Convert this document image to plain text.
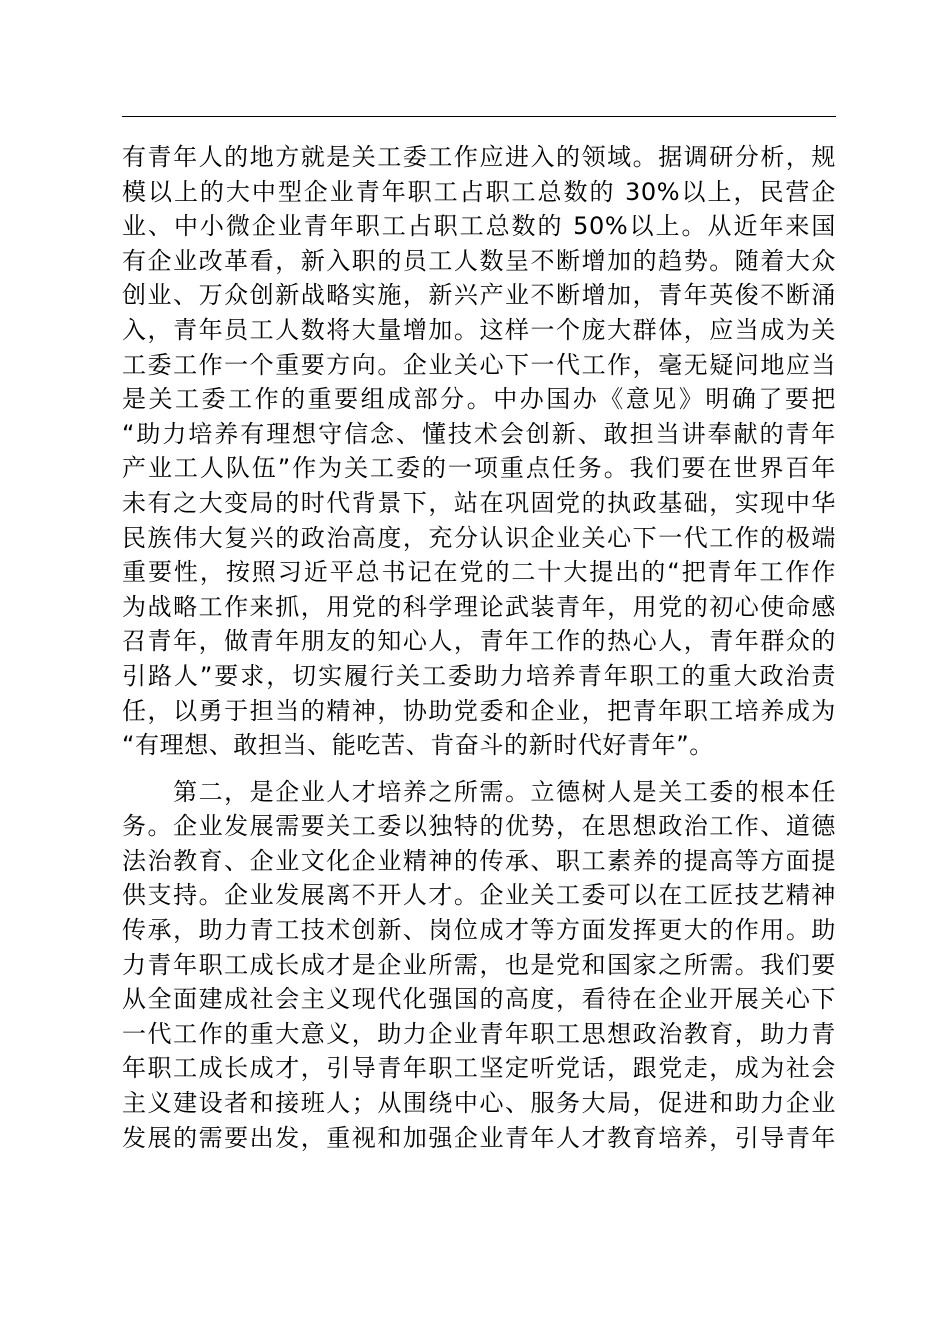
有青年人的地方就是关工委工作应进入的领域。据调研分析，规
模以上的大中型企业青年职工占职工总数的 30%以上，民营企
业、中小微企业青年职工占职工总数的 50%以上。从近年来国
有企业改革看，新入职的员工人数呈不断增加的趋势。随着大众
创业、万众创新战略实施，新兴产业不断增加，青年英俊不断涌
入，青年员工人数将大量增加。这样一个庞大群体，应当成为关
工委工作一个重要方向。企业关心下一代工作，毫无疑问地应当
是关工委工作的重要组成部分。中办国办《意见》明确了要把
“助力培养有理想守信念、懂技术会创新、敢担当讲奉献的青年
产业工人队伍”作为关工委的一项重点任务。我们要在世界百年
未有之大变局的时代背景下，站在巩固党的执政基础，实现中华
民族伟大复兴的政治高度，充分认识企业关心下一代工作的极端
重要性，按照习近平总书记在党的二十大提出的“把青年工作作
为战略工作来抓，用党的科学理论武装青年，用党的初心使命感
召青年，做青年朋友的知心人，青年工作的热心人，青年群众的
引路人”要求，切实履行关工委助力培养青年职工的重大政治责
任，以勇于担当的精神，协助党委和企业，把青年职工培养成为
“有理想、敢担当、能吃苦、肯奋斗的新时代好青年”。
　　第二，是企业人才培养之所需。立德树人是关工委的根本任
务。企业发展需要关工委以独特的优势，在思想政治工作、道德
法治教育、企业文化企业精神的传承、职工素养的提高等方面提
供支持。企业发展离不开人才。企业关工委可以在工匠技艺精神
传承，助力青工技术创新、岗位成才等方面发挥更大的作用。助
力青年职工成长成才是企业所需，也是党和国家之所需。我们要
从全面建成社会主义现代化强国的高度，看待在企业开展关心下
一代工作的重大意义，助力企业青年职工思想政治教育，助力青
年职工成长成才，引导青年职工坚定听党话，跟党走，成为社会
主义建设者和接班人；从围绕中心、服务大局，促进和助力企业
发展的需要出发，重视和加强企业青年人才教育培养，引导青年
